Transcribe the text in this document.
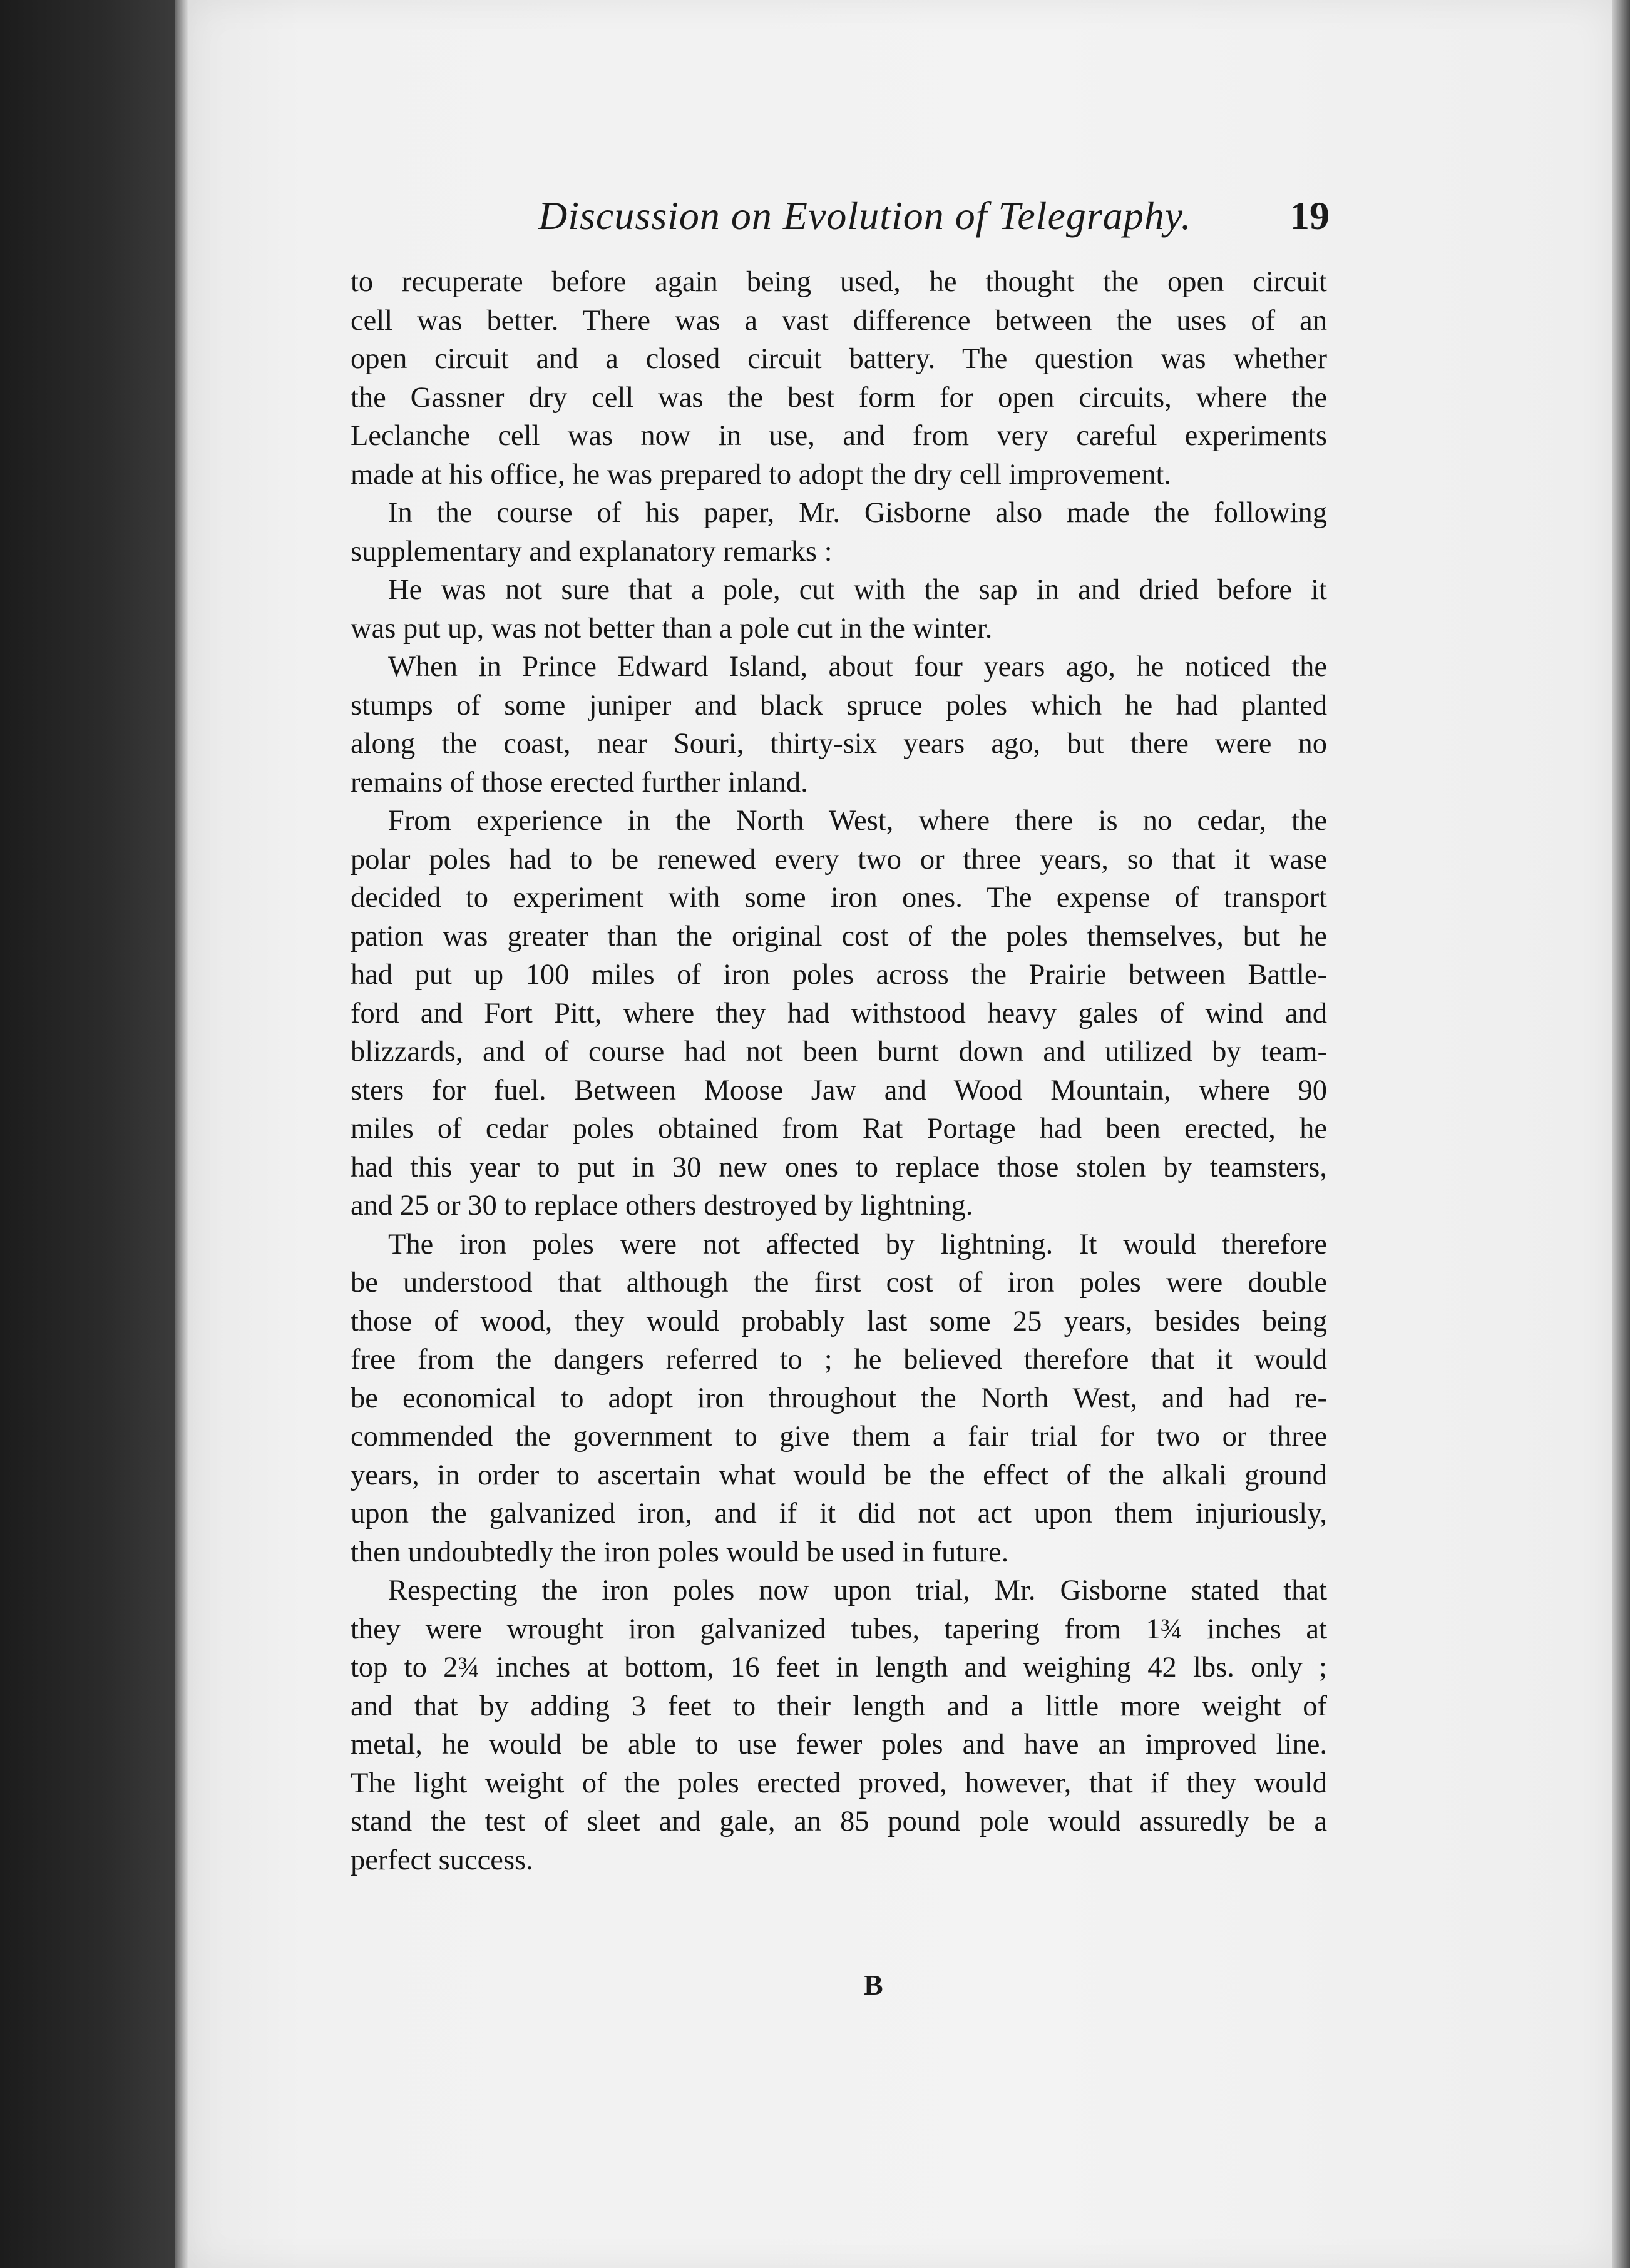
Discussion on Evolution of Telegraphy. 19

to recuperate before again being used, he thought the open circuit

cell was better. There was a vast difference between the uses of an

open circuit and a closed circuit battery. The question was whether

the Gassner dry cell was the best form for open circuits, where the

Leclanche cell was now in use, and from very careful experiments

made at his office, he was prepared to adopt the dry cell improvement.

In the course of his paper, Mr. Gisborne also made the following

supplementary and explanatory remarks :

He was not sure that a pole, cut with the sap in and dried before it

was put up, was not better than a pole cut in the winter.

When in Prince Edward Island, about four years ago, he noticed the

stumps of some juniper and black spruce poles which he had planted

along the coast, near Souri, thirty-six years ago, but there were no

remains of those erected further inland.

From experience in the North West, where there is no cedar, the

polar poles had to be renewed every two or three years, so that it wase

decided to experiment with some iron ones. The expense of transport

pation was greater than the original cost of the poles themselves, but he

had put up 100 miles of iron poles across the Prairie between Battle-

ford and Fort Pitt, where they had withstood heavy gales of wind and

blizzards, and of course had not been burnt down and utilized by team-

sters for fuel. Between Moose Jaw and Wood Mountain, where 90

miles of cedar poles obtained from Rat Portage had been erected, he

had this year to put in 30 new ones to replace those stolen by teamsters,

and 25 or 30 to replace others destroyed by lightning.

The iron poles were not affected by lightning. It would therefore

be understood that although the first cost of iron poles were double

those of wood, they would probably last some 25 years, besides being

free from the dangers referred to ; he believed therefore that it would

be economical to adopt iron throughout the North West, and had re-

commended the government to give them a fair trial for two or three

years, in order to ascertain what would be the effect of the alkali ground

upon the galvanized iron, and if it did not act upon them injuriously,

then undoubtedly the iron poles would be used in future.

Respecting the iron poles now upon trial, Mr. Gisborne stated that

they were wrought iron galvanized tubes, tapering from 1¾ inches at

top to 2¾ inches at bottom, 16 feet in length and weighing 42 lbs. only ;

and that by adding 3 feet to their length and a little more weight of

metal, he would be able to use fewer poles and have an improved line.

The light weight of the poles erected proved, however, that if they would

stand the test of sleet and gale, an 85 pound pole would assuredly be a

perfect success.

B
